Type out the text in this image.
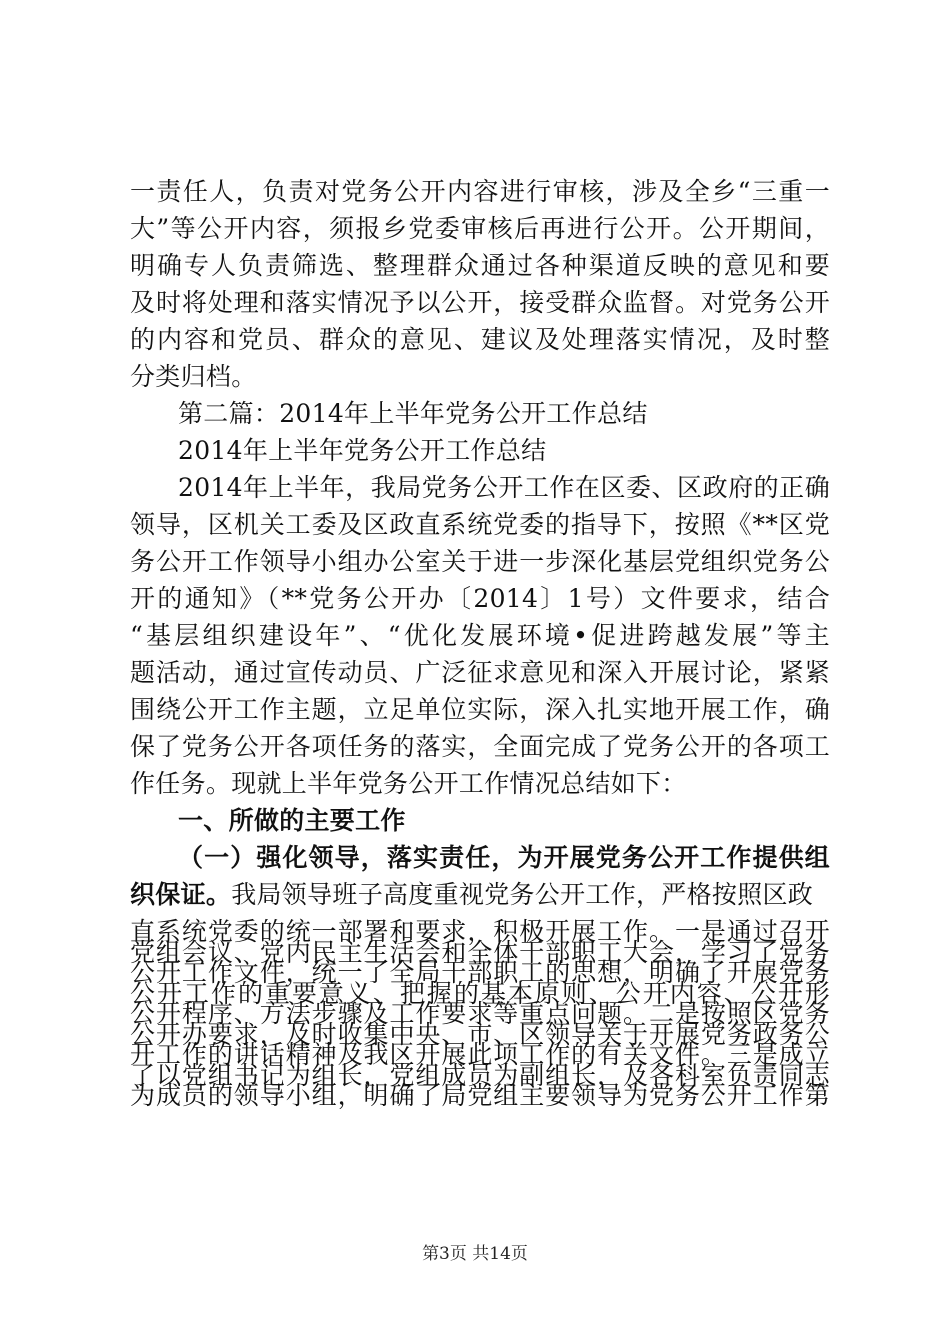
一责任人，负责对党务公开内容进行审核，涉及全乡“三重一
大”等公开内容，须报乡党委审核后再进行公开。公开期间，
明确专人负责筛选、整理群众通过各种渠道反映的意见和要
及时将处理和落实情况予以公开，接受群众监督。对党务公开
的内容和党员、群众的意见、建议及处理落实情况，及时整
分类归档。
第二篇：2014年上半年党务公开工作总结
2014年上半年党务公开工作总结
2014年上半年，我局党务公开工作在区委、区政府的正确
领导，区机关工委及区政直系统党委的指导下，按照《**区党
务公开工作领导小组办公室关于进一步深化基层党组织党务公
开的通知》（**党务公开办〔2014〕1号）文件要求，结合
“基层组织建设年”、“优化发展环境•促进跨越发展”等主
题活动，通过宣传动员、广泛征求意见和深入开展讨论，紧紧
围绕公开工作主题，立足单位实际，深入扎实地开展工作，确
保了党务公开各项任务的落实，全面完成了党务公开的各项工
作任务。现就上半年党务公开工作情况总结如下：
一、所做的主要工作
（一）强化领导，落实责任，为开展党务公开工作提供组
织保证。我局领导班子高度重视党务公开工作，严格按照区政
直系统党委的统一部署和要求，积极开展工作。一是通过召开
党组会议、党内民主生活会和全体干部职工大会，学习了党务
公开工作文件，统一了全局干部职工的思想，明确了开展党务
公开工作的重要意义、把握的基本原则、公开内容、公开形
公开程序、方法步骤及工作要求等重点问题。二是按照区党务
公开办要求，及时收集中央、市、区领导关于开展党务政务公
开工作的讲话精神及我区开展此项工作的有关文件。三是成立
了以党组书记为组长，党组成员为副组长，及各科室负责同志
为成员的领导小组，明确了局党组主要领导为党务公开工作第
第3页 共14页
